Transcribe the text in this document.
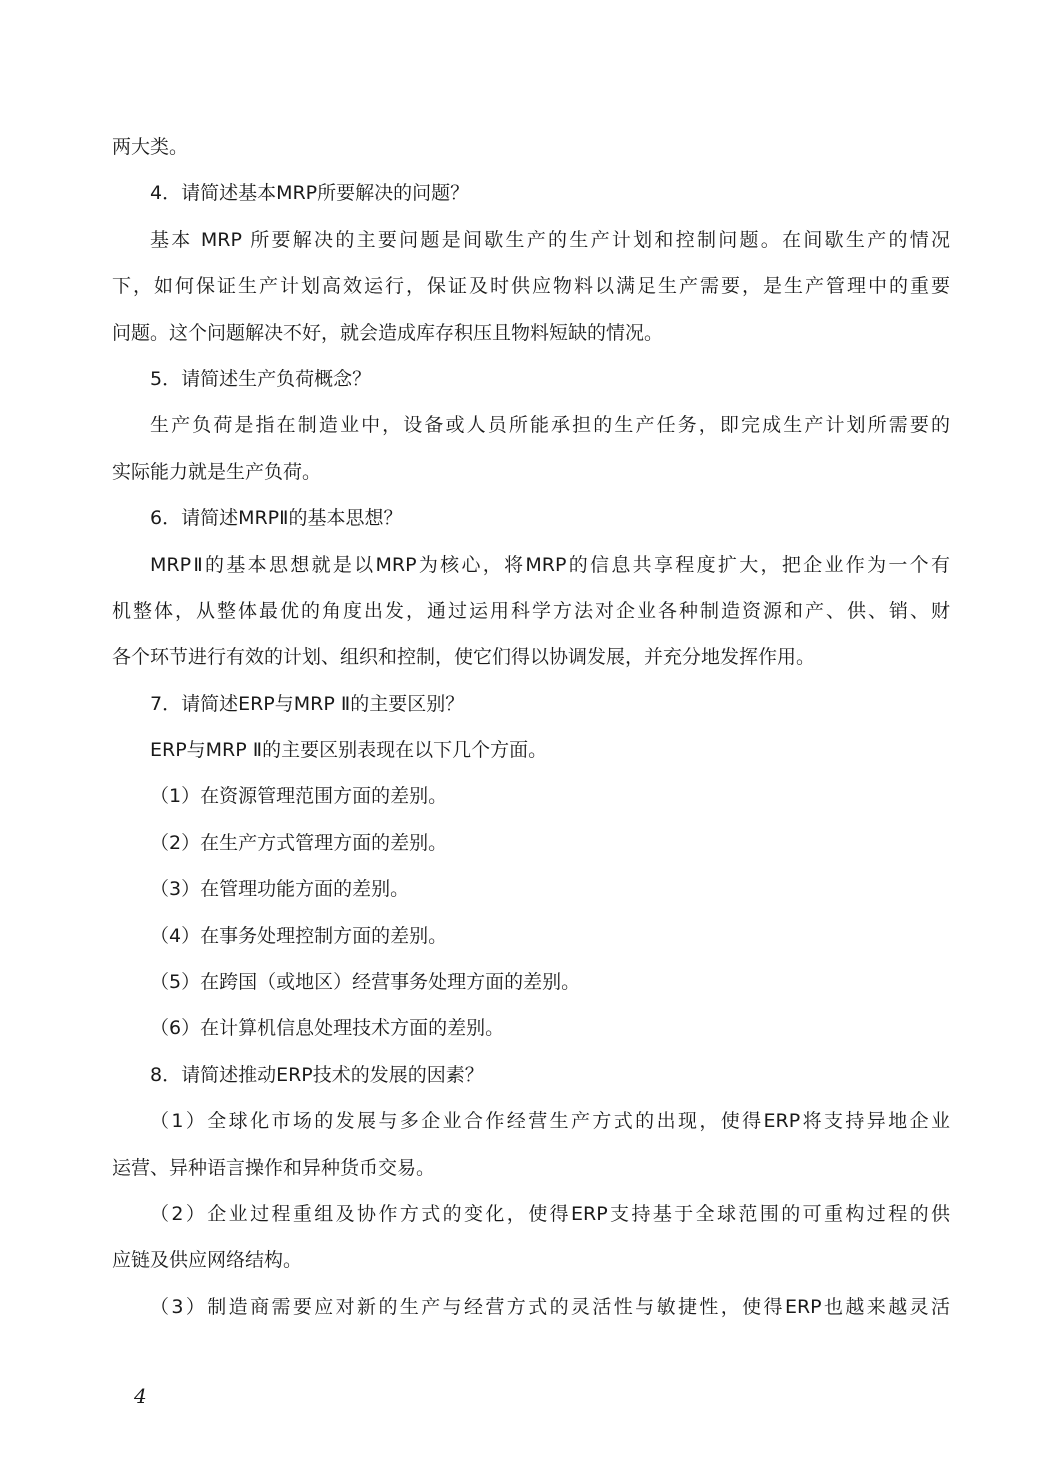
两大类。
4．请简述基本MRP所要解决的问题？
基本 MRP 所要解决的主要问题是间歇生产的生产计划和控制问题。在间歇生产的情况
下，如何保证生产计划高效运行，保证及时供应物料以满足生产需要，是生产管理中的重要
问题。这个问题解决不好，就会造成库存积压且物料短缺的情况。
5．请简述生产负荷概念？
生产负荷是指在制造业中，设备或人员所能承担的生产任务，即完成生产计划所需要的
实际能力就是生产负荷。
6．请简述MRPⅡ的基本思想？
MRPⅡ的基本思想就是以MRP为核心，将MRP的信息共享程度扩大，把企业作为一个有
机整体，从整体最优的角度出发，通过运用科学方法对企业各种制造资源和产、供、销、财
各个环节进行有效的计划、组织和控制，使它们得以协调发展，并充分地发挥作用。
7．请简述ERP与MRP Ⅱ的主要区别？
ERP与MRP Ⅱ的主要区别表现在以下几个方面。
（1）在资源管理范围方面的差别。
（2）在生产方式管理方面的差别。
（3）在管理功能方面的差别。
（4）在事务处理控制方面的差别。
（5）在跨国（或地区）经营事务处理方面的差别。
（6）在计算机信息处理技术方面的差别。
8．请简述推动ERP技术的发展的因素？
（1）全球化市场的发展与多企业合作经营生产方式的出现，使得ERP将支持异地企业
运营、异种语言操作和异种货币交易。
（2）企业过程重组及协作方式的变化，使得ERP支持基于全球范围的可重构过程的供
应链及供应网络结构。
（3）制造商需要应对新的生产与经营方式的灵活性与敏捷性，使得ERP也越来越灵活
4
